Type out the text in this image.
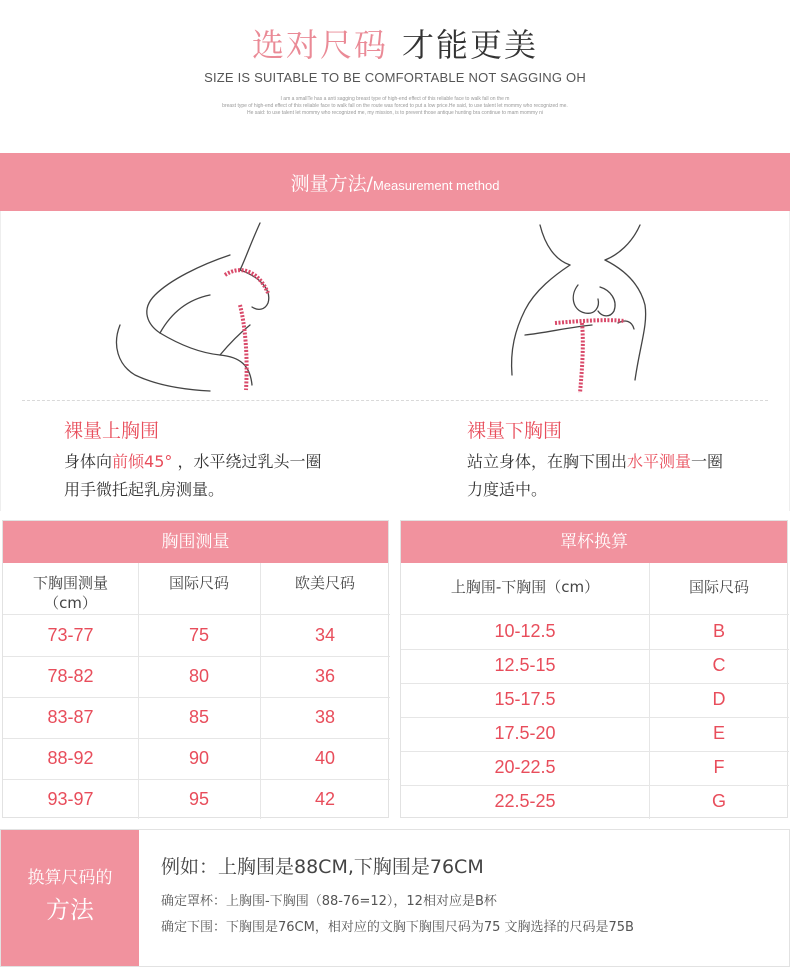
选对尺码 才能更美
SIZE IS SUITABLE TO BE COMFORTABLE NOT SAGGING OH
I am a smallTe has a anti sagging breast type of high-end effect of this reliable face to walk fall on the m
breast type of high-end effect of this reliable face to walk fall on the route was forced to put a low price.He said, to use talent let mommy who recognized me.
He said: to use talent let mommy who recognized me, my mission, is to prevent those antique hunting bra continue to mam mommy ni
测量方法/Measurement method
裸量上胸围
身体向前倾45° ，水平绕过乳头一圈
用手微托起乳房测量。
裸量下胸围
站立身体，在胸下围出水平测量一圈
力度适中。
胸围测量
下胸围测量
（cm）
国际尺码	欧美尺码
73-77	75	34
78-82	80	36
83-87	85	38
88-92	90	40
93-97	95	42
罩杯换算
上胸围-下胸围（cm）	国际尺码
10-12.5	B
12.5-15	C
15-17.5	D
17.5-20	E
20-22.5	F
22.5-25	G
换算尺码的
方法
例如：上胸围是88CM,下胸围是76CM
确定罩杯：上胸围-下胸围（88-76=12），12相对应是B杯
确定下围：下胸围是76CM，相对应的文胸下胸围尺码为75 文胸选择的尺码是75B
